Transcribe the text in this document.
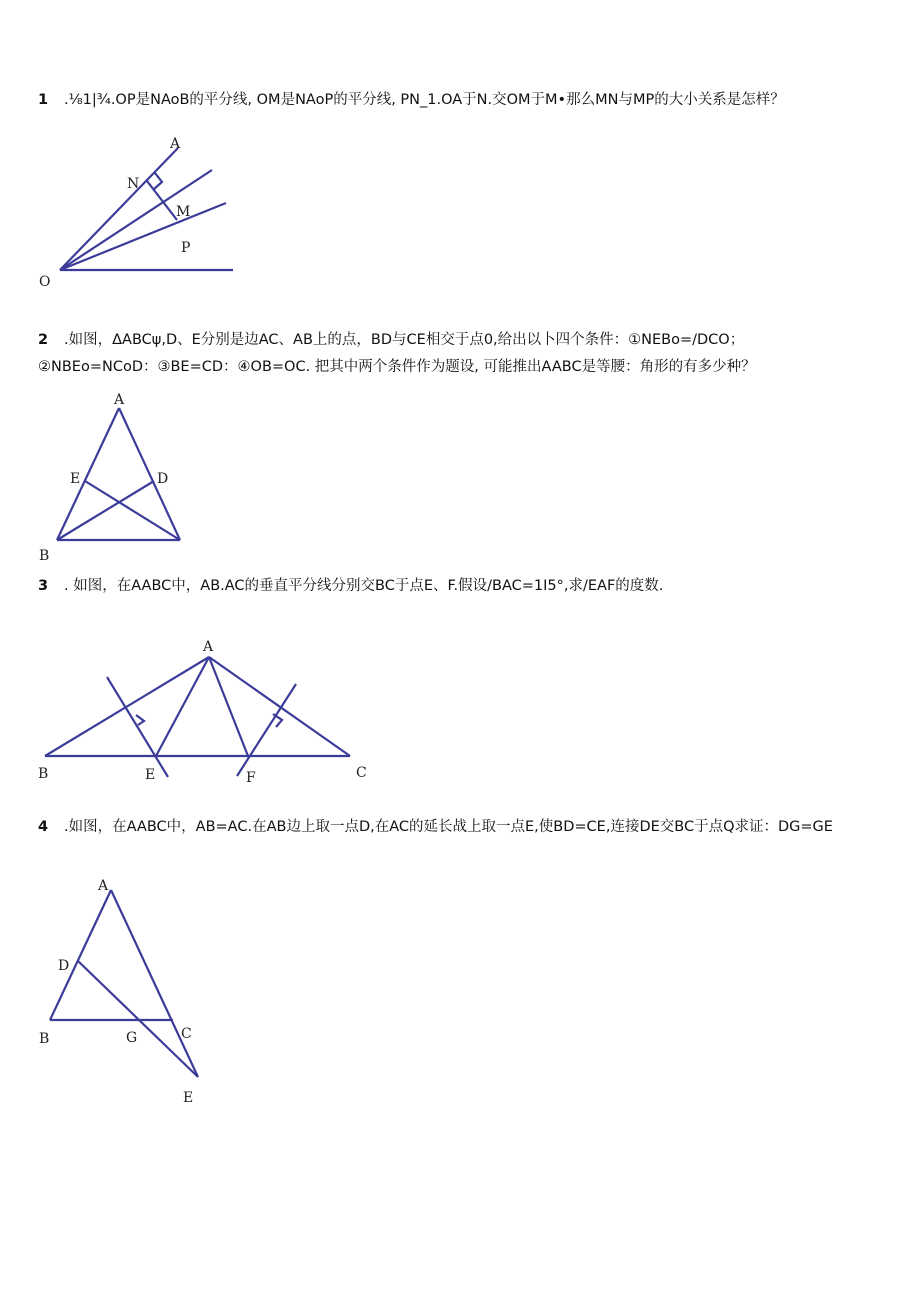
1 .⅛1|¾.OP是NAoB的平分线, OM是NAoP的平分线, PN_1.OA于N.交OM于M•那么MN与MP的大小关系是怎样？
A
N
M
P
O
2 .如图，ΔABCψ,D、E分别是边AC、AB上的点，BD与CE相交于点0,给出以卜四个条件：①NEBo=/DCO；
②NBEo=NCoD：③BE=CD：④OB=OC. 把其中两个条件作为题设, 可能推出AABC是等腰：角形的有多少种？
A
E	D
B
3 . 如图，在AABC中，AB.AC的垂直平分线分别交BC于点E、F.假设/BAC=1I5°,求/EAF的度数.
A
B	E	F	C
4 .如图，在AABC中，AB=AC.在AB边上取一点D,在AC的延长战上取一点E,使BD=CE,连接DE交BC于点Q求证：DG=GE
A
D
B	G	C
E
